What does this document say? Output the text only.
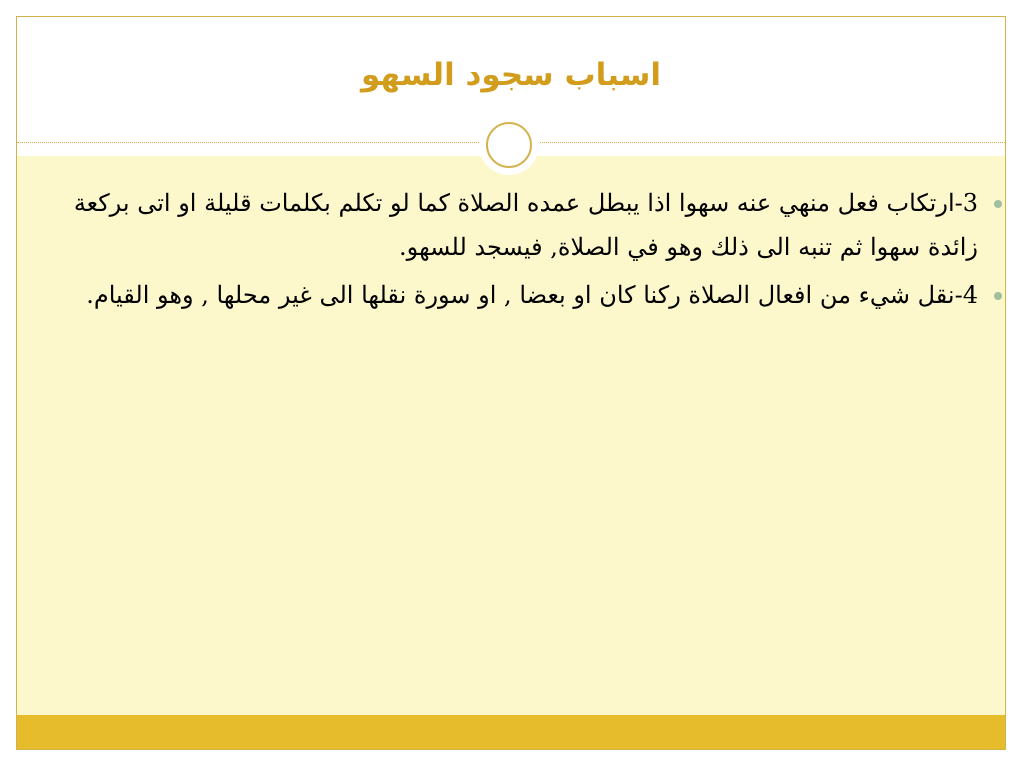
اسباب سجود السهو
3-ارتكاب فعل منهي عنه سهوا اذا يبطل عمده الصلاة كما لو تكلم بكلمات قليلة او اتى بركعة زائدة سهوا ثم تنبه الى ذلك وهو في الصلاة, فيسجد للسهو.
4-نقل شيء من افعال الصلاة ركنا كان او بعضا , او سورة نقلها الى غير محلها , وهو القيام.
